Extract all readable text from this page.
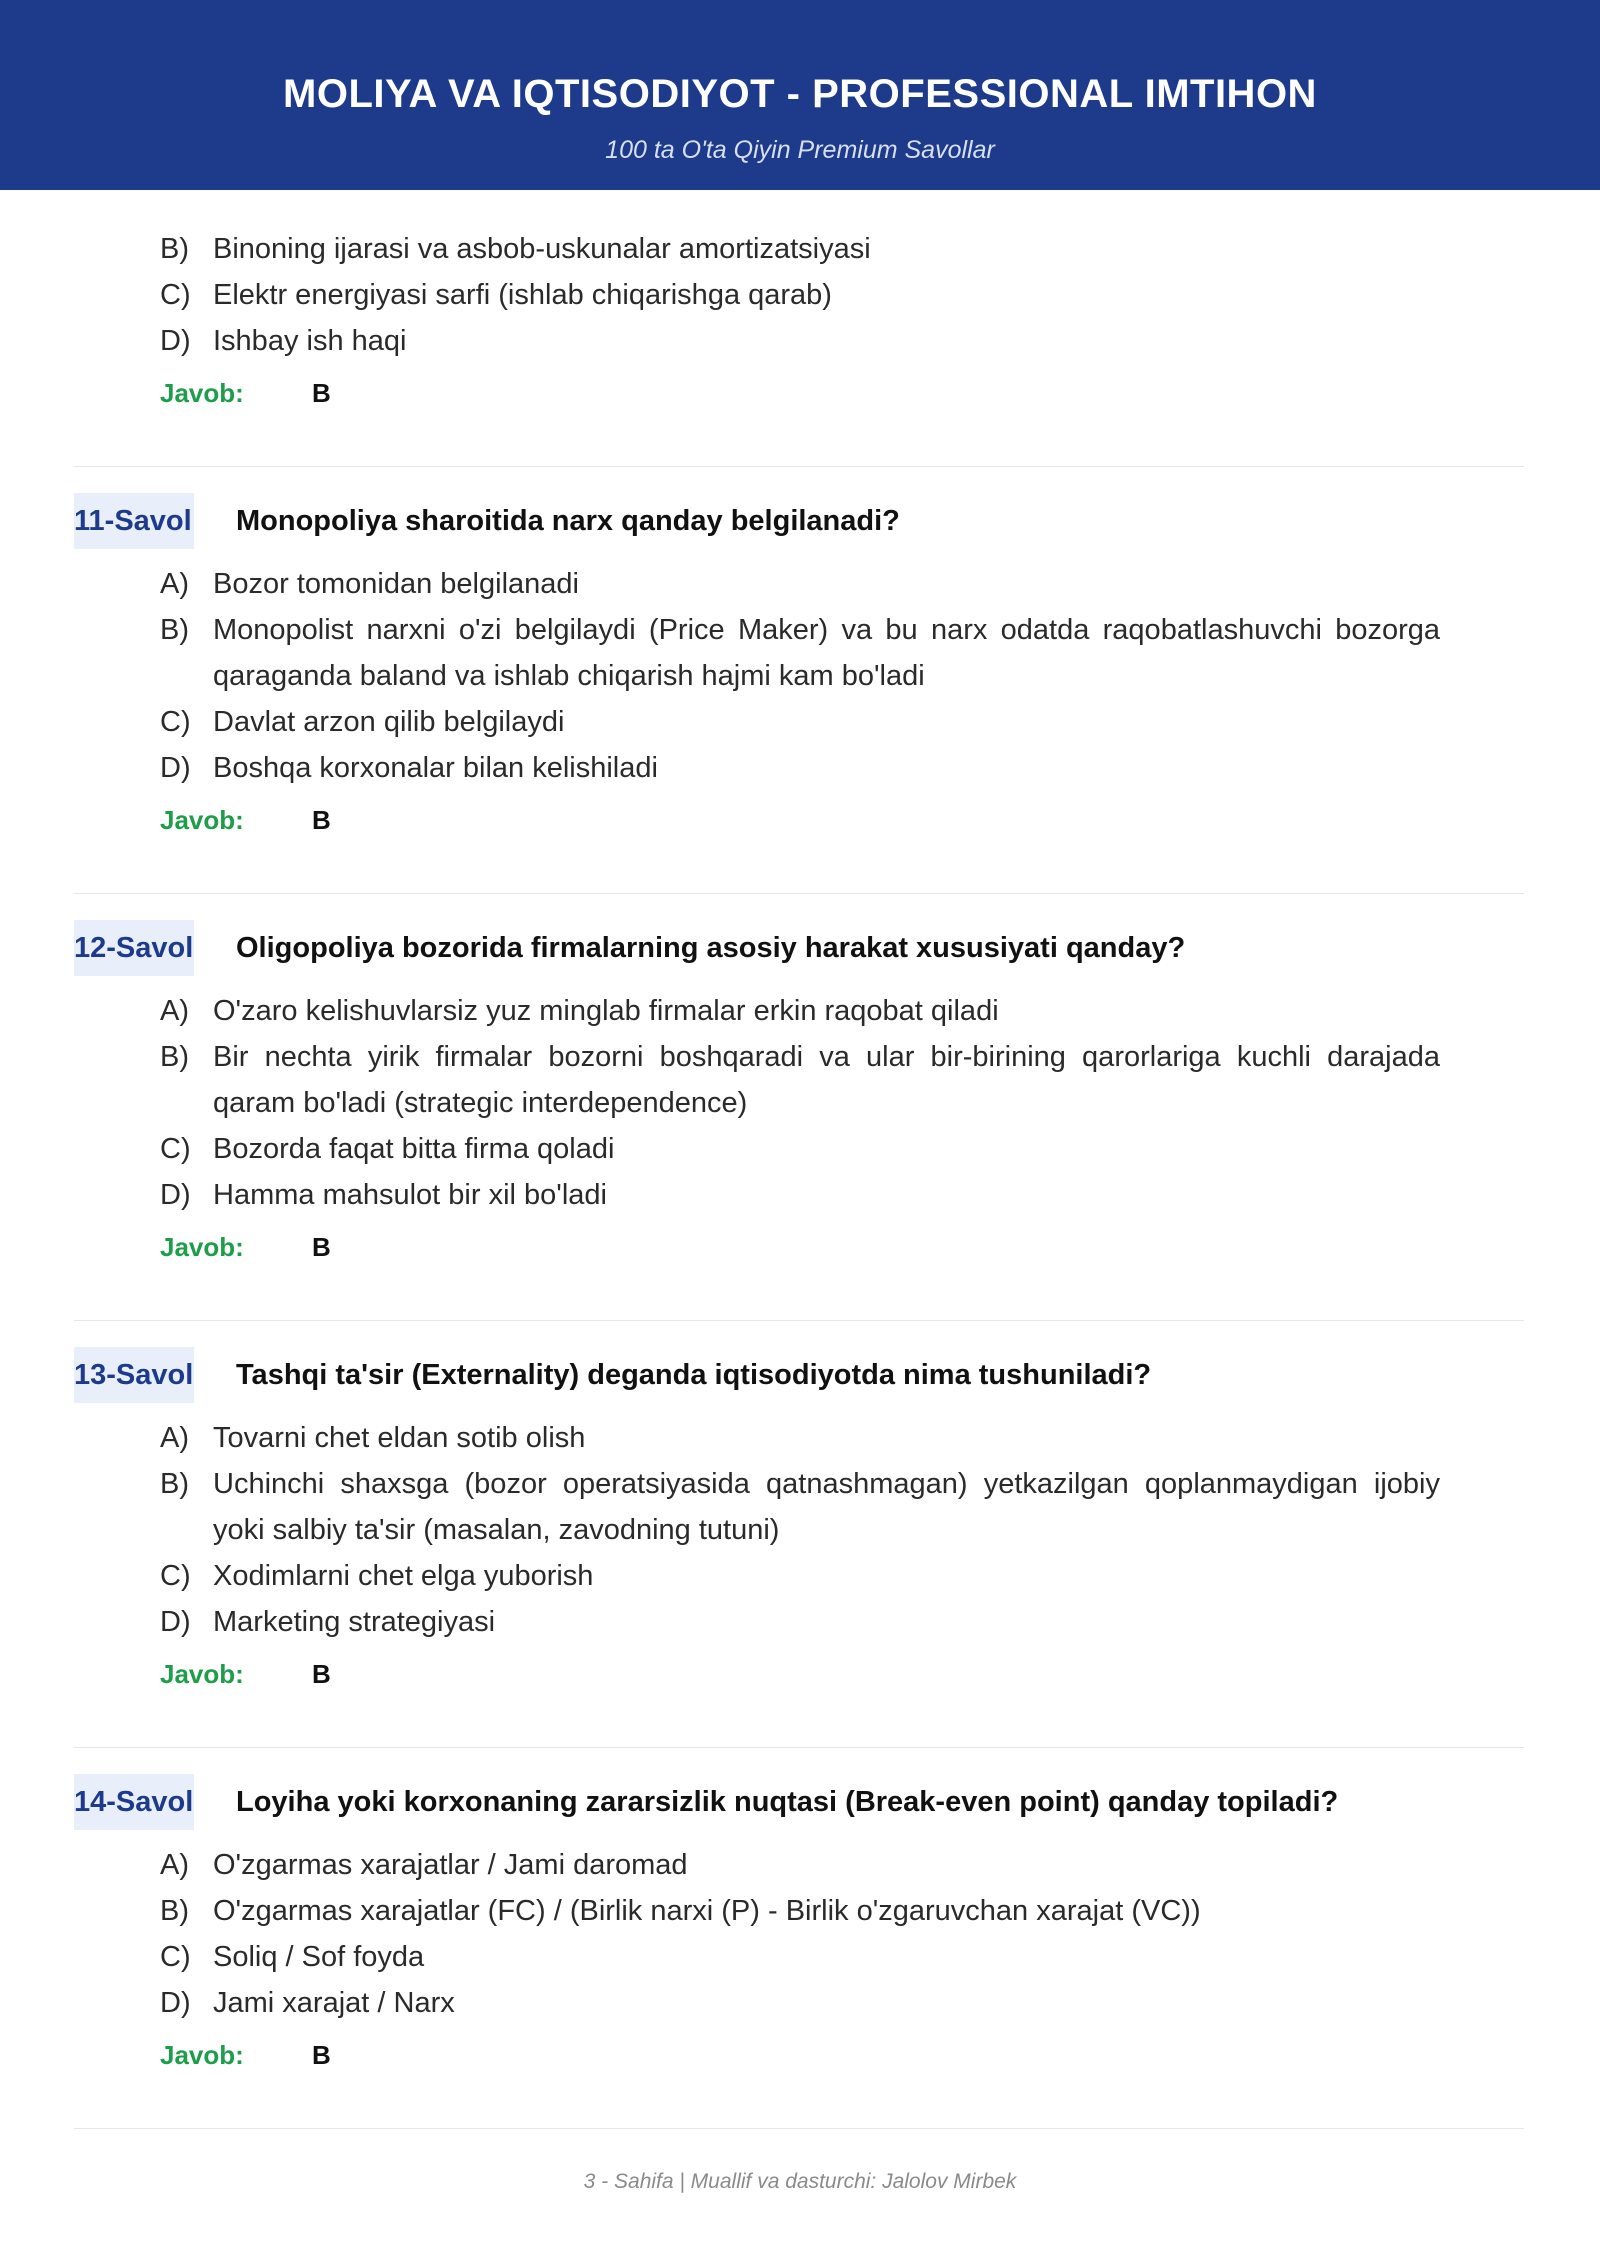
MOLIYA VA IQTISODIYOT - PROFESSIONAL IMTIHON
100 ta O'ta Qiyin Premium Savollar
B) Binoning ijarasi va asbob-uskunalar amortizatsiyasi
C) Elektr energiyasi sarfi (ishlab chiqarishga qarab)
D) Ishbay ish haqi
Javob:	B
11-Savol Monopoliya sharoitida narx qanday belgilanadi?
A) Bozor tomonidan belgilanadi
B) Monopolist narxni o'zi belgilaydi (Price Maker) va bu narx odatda raqobatlashuvchi bozorga qaraganda baland va ishlab chiqarish hajmi kam bo'ladi
C) Davlat arzon qilib belgilaydi
D) Boshqa korxonalar bilan kelishiladi
Javob:	B
12-Savol Oligopoliya bozorida firmalarning asosiy harakat xususiyati qanday?
A) O'zaro kelishuvlarsiz yuz minglab firmalar erkin raqobat qiladi
B) Bir nechta yirik firmalar bozorni boshqaradi va ular bir-birining qarorlariga kuchli darajada qaram bo'ladi (strategic interdependence)
C) Bozorda faqat bitta firma qoladi
D) Hamma mahsulot bir xil bo'ladi
Javob:	B
13-Savol Tashqi ta'sir (Externality) deganda iqtisodiyotda nima tushuniladi?
A) Tovarni chet eldan sotib olish
B) Uchinchi shaxsga (bozor operatsiyasida qatnashmagan) yetkazilgan qoplanmaydigan ijobiy yoki salbiy ta'sir (masalan, zavodning tutuni)
C) Xodimlarni chet elga yuborish
D) Marketing strategiyasi
Javob:	B
14-Savol Loyiha yoki korxonaning zararsizlik nuqtasi (Break-even point) qanday topiladi?
A) O'zgarmas xarajatlar / Jami daromad
B) O'zgarmas xarajatlar (FC) / (Birlik narxi (P) - Birlik o'zgaruvchan xarajat (VC))
C) Soliq / Sof foyda
D) Jami xarajat / Narx
Javob:	B
3 - Sahifa | Muallif va dasturchi: Jalolov Mirbek
